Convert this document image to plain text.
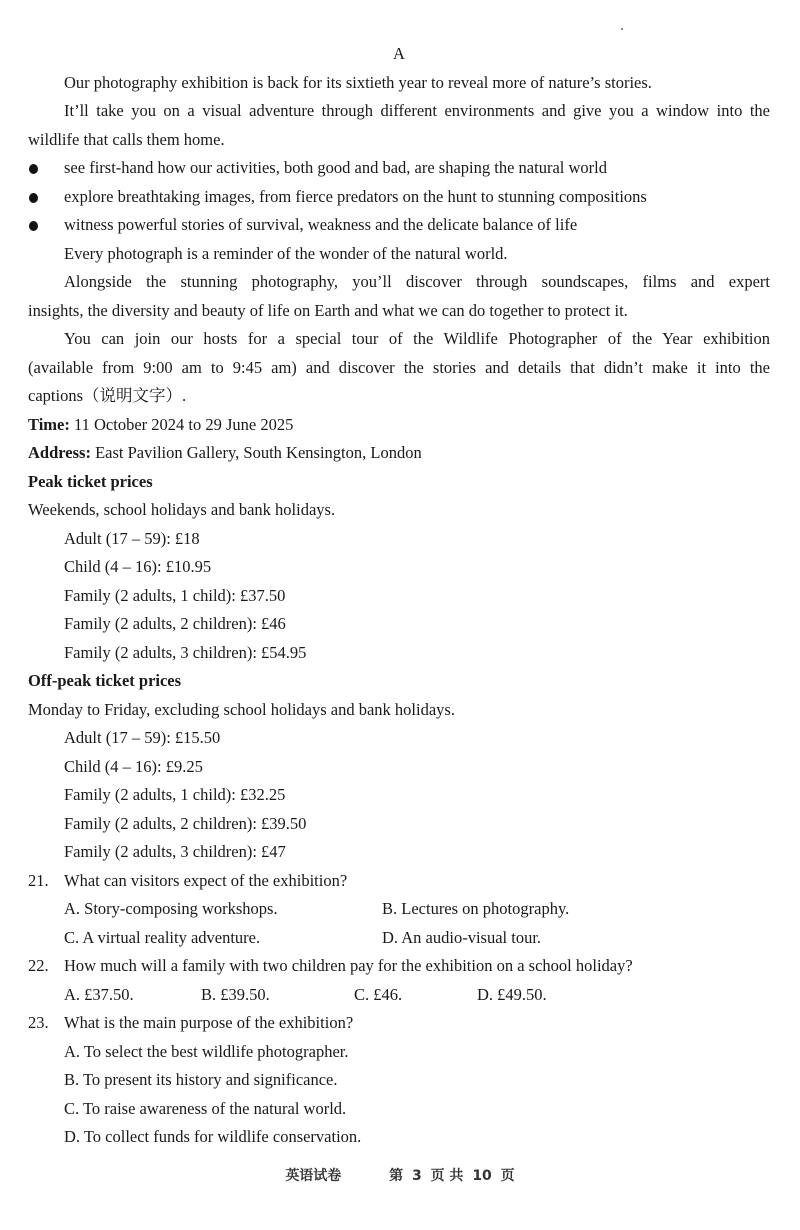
A
Our photography exhibition is back for its sixtieth year to reveal more of nature’s stories.
It’ll take you on a visual adventure through different environments and give you a window into the
wildlife that calls them home.
see first-hand how our activities, both good and bad, are shaping the natural world
explore breathtaking images, from fierce predators on the hunt to stunning compositions
witness powerful stories of survival, weakness and the delicate balance of life
Every photograph is a reminder of the wonder of the natural world.
Alongside the stunning photography, you’ll discover through soundscapes, films and expert
insights, the diversity and beauty of life on Earth and what we can do together to protect it.
You can join our hosts for a special tour of the Wildlife Photographer of the Year exhibition
(available from 9:00 am to 9:45 am) and discover the stories and details that didn’t make it into the
captions（说明文字）.
Time: 11 October 2024 to 29 June 2025
Address: East Pavilion Gallery, South Kensington, London
Peak ticket prices
Weekends, school holidays and bank holidays.
Adult (17 – 59): £18
Child (4 – 16): £10.95
Family (2 adults, 1 child): £37.50
Family (2 adults, 2 children): £46
Family (2 adults, 3 children): £54.95
Off-peak ticket prices
Monday to Friday, excluding school holidays and bank holidays.
Adult (17 – 59): £15.50
Child (4 – 16): £9.25
Family (2 adults, 1 child): £32.25
Family (2 adults, 2 children): £39.50
Family (2 adults, 3 children): £47
21. What can visitors expect of the exhibition?
A. Story-composing workshops.	B. Lectures on photography.
C. A virtual reality adventure.	D. An audio-visual tour.
22. How much will a family with two children pay for the exhibition on a school holiday?
A. £37.50.	B. £39.50.	C. £46.	D. £49.50.
23. What is the main purpose of the exhibition?
A. To select the best wildlife photographer.
B. To present its history and significance.
C. To raise awareness of the natural world.
D. To collect funds for wildlife conservation.
英语试卷	第 3 页 共 10 页
